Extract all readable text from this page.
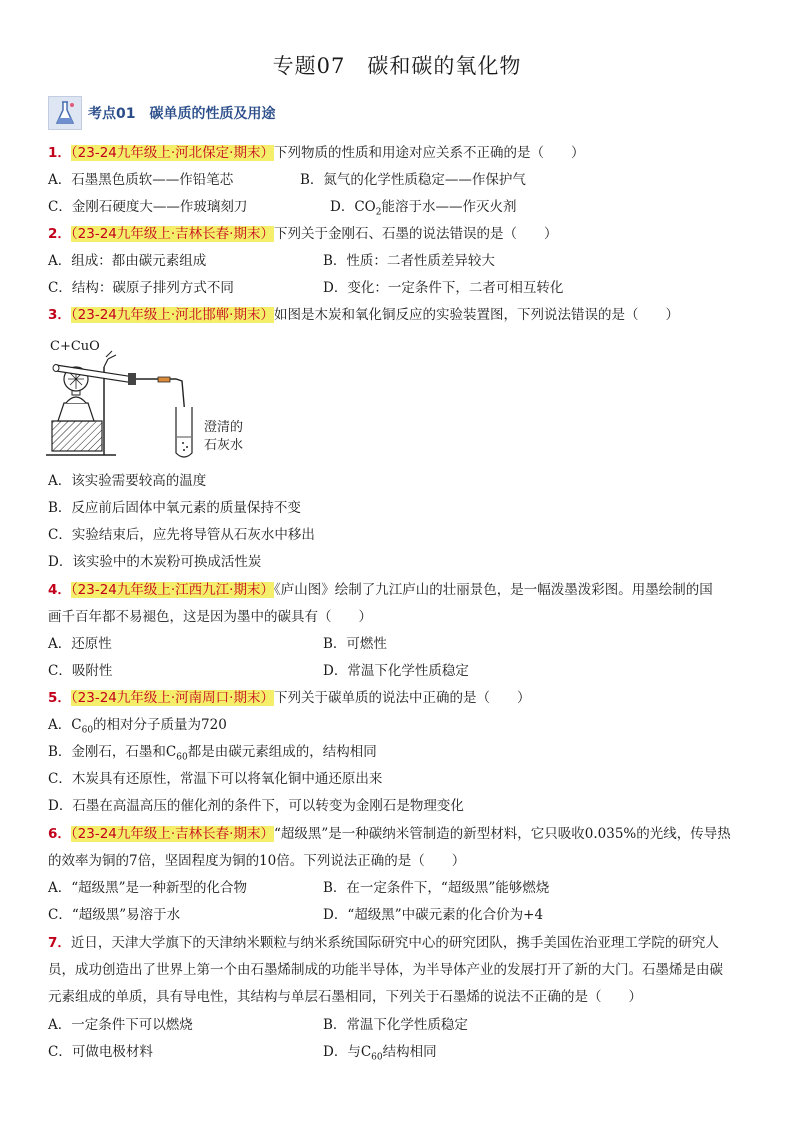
专题07　碳和碳的氧化物
考点01　碳单质的性质及用途
1．（23-24九年级上·河北保定·期末）下列物质的性质和用途对应关系不正确的是（　　）
A．石墨黑色质软——作铅笔芯	B．氮气的化学性质稳定——作保护气
C．金刚石硬度大——作玻璃刻刀	D．$CO_2$能溶于水——作灭火剂
2．（23-24九年级上·吉林长春·期末）下列关于金刚石、石墨的说法错误的是（　　）
A．组成：都由碳元素组成	B．性质：二者性质差异较大
C．结构：碳原子排列方式不同	D．变化：一定条件下，二者可相互转化
3．（23-24九年级上·河北邯郸·期末）如图是木炭和氧化铜反应的实验装置图，下列说法错误的是（　　）
C+CuO
澄清的
石灰水
A．该实验需要较高的温度
B．反应前后固体中氧元素的质量保持不变
C．实验结束后，应先将导管从石灰水中移出
D．该实验中的木炭粉可换成活性炭
4．（23-24九年级上·江西九江·期末）《庐山图》绘制了九江庐山的壮丽景色，是一幅泼墨泼彩图。用墨绘制的国
画千百年都不易褪色，这是因为墨中的碳具有（　　）
A．还原性	B．可燃性
C．吸附性	D．常温下化学性质稳定
5．（23-24九年级上·河南周口·期末）下列关于碳单质的说法中正确的是（　　）
A．$C_{60}$的相对分子质量为720
B．金刚石，石墨和$C_{60}$都是由碳元素组成的，结构相同
C．木炭具有还原性，常温下可以将氧化铜中通还原出来
D．石墨在高温高压的催化剂的条件下，可以转变为金刚石是物理变化
6．（23-24九年级上·吉林长春·期末）“超级黑”是一种碳纳米管制造的新型材料，它只吸收0.035%的光线，传导热
的效率为铜的7倍，坚固程度为铜的10倍。下列说法正确的是（　　）
A．“超级黑”是一种新型的化合物	B．在一定条件下，“超级黑”能够燃烧
C．“超级黑”易溶于水	D．“超级黑”中碳元素的化合价为+4
7．近日，天津大学旗下的天津纳米颗粒与纳米系统国际研究中心的研究团队，携手美国佐治亚理工学院的研究人
员，成功创造出了世界上第一个由石墨烯制成的功能半导体，为半导体产业的发展打开了新的大门。石墨烯是由碳
元素组成的单质，具有导电性，其结构与单层石墨相同，下列关于石墨烯的说法不正确的是（　　）
A．一定条件下可以燃烧	B．常温下化学性质稳定
C．可做电极材料	D．与$C_{60}$结构相同
